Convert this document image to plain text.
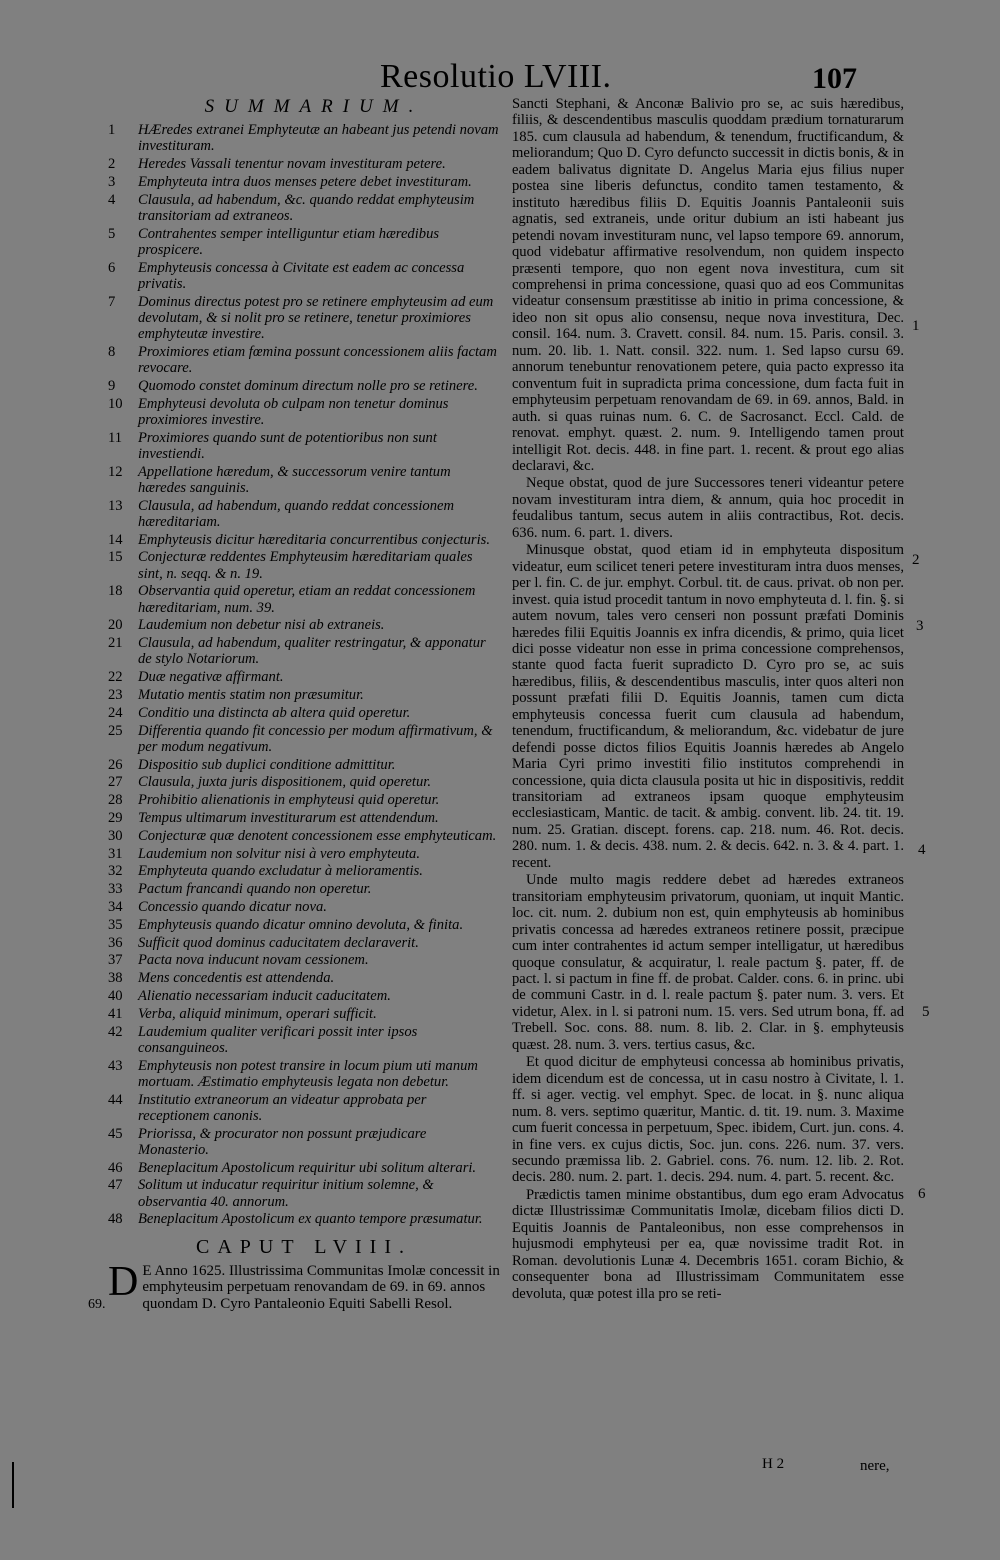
Resolutio LVIII.	107
SUMMARIUM.
1	HÆredes extranei Emphyteutæ an habeant jus petendi novam investituram.
2	Heredes Vassali tenentur novam investituram petere.
3	Emphyteuta intra duos menses petere debet investituram.
4	Clausula, ad habendum, &c. quando reddat emphyteusim transitoriam ad extraneos.
5	Contrahentes semper intelliguntur etiam hæredibus prospicere.
6	Emphyteusis concessa à Civitate est eadem ac concessa privatis.
7	Dominus directus potest pro se retinere emphyteusim ad eum devolutam, & si nolit pro se retinere, tenetur proximiores emphyteutæ investire.
8	Proximiores etiam fœmina possunt concessionem aliis factam revocare.
9	Quomodo constet dominum directum nolle pro se retinere.
10	Emphyteusi devoluta ob culpam non tenetur dominus proximiores investire.
11	Proximiores quando sunt de potentioribus non sunt investiendi.
12	Appellatione hæredum, & successorum venire tantum hæredes sanguinis.
13	Clausula, ad habendum, quando reddat concessionem hæreditariam.
14	Emphyteusis dicitur hæreditaria concurrentibus conjecturis.
15	Conjecturæ reddentes Emphyteusim hæreditariam quales sint, n. seqq. & n. 19.
18	Observantia quid operetur, etiam an reddat concessionem hæreditariam, num. 39.
20	Laudemium non debetur nisi ab extraneis.
21	Clausula, ad habendum, qualiter restringatur, & apponatur de stylo Notariorum.
22	Duæ negativæ affirmant.
23	Mutatio mentis statim non præsumitur.
24	Conditio una distincta ab altera quid operetur.
25	Differentia quando fit concessio per modum affirmativum, & per modum negativum.
26	Dispositio sub duplici conditione admittitur.
27	Clausula, juxta juris dispositionem, quid operetur.
28	Prohibitio alienationis in emphyteusi quid operetur.
29	Tempus ultimarum investiturarum est attendendum.
30	Conjecturæ quæ denotent concessionem esse emphyteuticam.
31	Laudemium non solvitur nisi à vero emphyteuta.
32	Emphyteuta quando excludatur à melioramentis.
33	Pactum francandi quando non operetur.
34	Concessio quando dicatur nova.
35	Emphyteusis quando dicatur omnino devoluta, & finita.
36	Sufficit quod dominus caducitatem declaraverit.
37	Pacta nova inducunt novam cessionem.
38	Mens concedentis est attendenda.
40	Alienatio necessariam inducit caducitatem.
41	Verba, aliquid minimum, operari sufficit.
42	Laudemium qualiter verificari possit inter ipsos consanguineos.
43	Emphyteusis non potest transire in locum pium uti manum mortuam. Æstimatio emphyteusis legata non debetur.
44	Institutio extraneorum an videatur approbata per receptionem canonis.
45	Priorissa, & procurator non possunt præjudicare Monasterio.
46	Beneplacitum Apostolicum requiritur ubi solitum alterari.
47	Solitum ut inducatur requiritur initium solemne, & observantia 40. annorum.
48	Beneplacitum Apostolicum ex quanto tempore præsumatur.
CAPUT LVIII.
D E Anno 1625. Illustrissima Communitas Imolæ concessit in emphyteusim perpetuam renovandam de 69. in 69. annos quondam D. Cyro Pantaleonio Equiti Sabelli Resol.
69.

Sancti Stephani, & Anconæ Balivio pro se, ac suis hæredibus, filiis, & descendentibus masculis quoddam prædium tornaturarum 185. cum clausula ad habendum, & tenendum, fructificandum, & meliorandum; Quo D. Cyro defuncto successit in dictis bonis, & in eadem balivatus dignitate D. Angelus Maria ejus filius nuper postea sine liberis defunctus, condito tamen testamento, & instituto hæredibus filiis D. Equitis Joannis Pantaleonii suis agnatis, sed extraneis, unde oritur dubium an isti habeant jus petendi novam investituram nunc, vel lapso tempore 69. annorum, quod videbatur affirmative resolvendum, non quidem inspecto præsenti tempore, quo non egent nova investitura, cum sit comprehensi in prima concessione, quasi quo ad eos Communitas videatur consensum præstitisse ab initio in prima concessione, & ideo non sit opus alio consensu, neque nova investitura, Dec. consil. 164. num. 3. Cravett. consil. 84. num. 15. Paris. consil. 3. num. 20. lib. 1. Natt. consil. 322. num. 1. Sed lapso cursu 69. annorum tenebuntur renovationem petere, quia pacto expresso ita conventum fuit in supradicta prima concessione, dum facta fuit in emphyteusim perpetuam renovandam de 69. in 69. annos, Bald. in auth. si quas ruinas num. 6. C. de Sacrosanct. Eccl. Cald. de renovat. emphyt. quæst. 2. num. 9. Intelligendo tamen prout intelligit Rot. decis. 448. in fine part. 1. recent. & prout ego alias declaravi, &c.

Neque obstat, quod de jure Successores teneri videantur petere novam investituram intra diem, & annum, quia hoc procedit in feudalibus tantum, secus autem in aliis contractibus, Rot. decis. 636. num. 6. part. 1. divers.

Minusque obstat, quod etiam id in emphyteuta dispositum videatur, eum scilicet teneri petere investituram intra duos menses, per l. fin. C. de jur. emphyt. Corbul. tit. de caus. privat. ob non per. invest. quia istud procedit tantum in novo emphyteuta d. l. fin. §. si autem novum, tales vero censeri non possunt præfati Dominis hæredes filii Equitis Joannis ex infra dicendis, & primo, quia licet dici posse videatur non esse in prima concessione comprehensos, stante quod facta fuerit supradicto D. Cyro pro se, ac suis hæredibus, filiis, & descendentibus masculis, inter quos alteri non possunt præfati filii D. Equitis Joannis, tamen cum dicta emphyteusis concessa fuerit cum clausula ad habendum, tenendum, fructificandum, & meliorandum, &c. videbatur de jure defendi posse dictos filios Equitis Joannis hæredes ab Angelo Maria Cyri primo investiti filio institutos comprehendi in concessione, quia dicta clausula posita ut hic in dispositivis, reddit transitoriam ad extraneos ipsam quoque emphyteusim ecclesiasticam, Mantic. de tacit. & ambig. convent. lib. 24. tit. 19. num. 25. Gratian. discept. forens. cap. 218. num. 46. Rot. decis. 280. num. 1. & decis. 438. num. 2. & decis. 642. n. 3. & 4. part. 1. recent.

Unde multo magis reddere debet ad hæredes extraneos transitoriam emphyteusim privatorum, quoniam, ut inquit Mantic. loc. cit. num. 2. dubium non est, quin emphyteusis ab hominibus privatis concessa ad hæredes extraneos retinere possit, præcipue cum inter contrahentes id actum semper intelligatur, ut hæredibus quoque consulatur, & acquiratur, l. reale pactum §. pater, ff. de pact. l. si pactum in fine ff. de probat. Calder. cons. 6. in princ. ubi de communi Castr. in d. l. reale pactum §. pater num. 3. vers. Et videtur, Alex. in l. si patroni num. 15. vers. Sed utrum bona, ff. ad Trebell. Soc. cons. 88. num. 8. lib. 2. Clar. in §. emphyteusis quæst. 28. num. 3. vers. tertius casus, &c.

Et quod dicitur de emphyteusi concessa ab hominibus privatis, idem dicendum est de concessa, ut in casu nostro à Civitate, l. 1. ff. si ager. vectig. vel emphyt. Spec. de locat. in §. nunc aliqua num. 8. vers. septimo quæritur, Mantic. d. tit. 19. num. 3. Maxime cum fuerit concessa in perpetuum, Spec. ibidem, Curt. jun. cons. 4. in fine vers. ex cujus dictis, Soc. jun. cons. 226. num. 37. vers. secundo præmissa lib. 2. Gabriel. cons. 76. num. 12. lib. 2. Rot. decis. 280. num. 2. part. 1. decis. 294. num. 4. part. 5. recent. &c.

Prædictis tamen minime obstantibus, dum ego eram Advocatus dictæ Illustrissimæ Communitatis Imolæ, dicebam filios dicti D. Equitis Joannis de Pantaleonibus, non esse comprehensos in hujusmodi emphyteusi per ea, quæ novissime tradit Rot. in Roman. devolutionis Lunæ 4. Decembris 1651. coram Bichio, & consequenter bona ad Illustrissimam Communitatem esse devoluta, quæ potest illa pro se reti-

1
2
3
4
5
6
H 2	nere,
